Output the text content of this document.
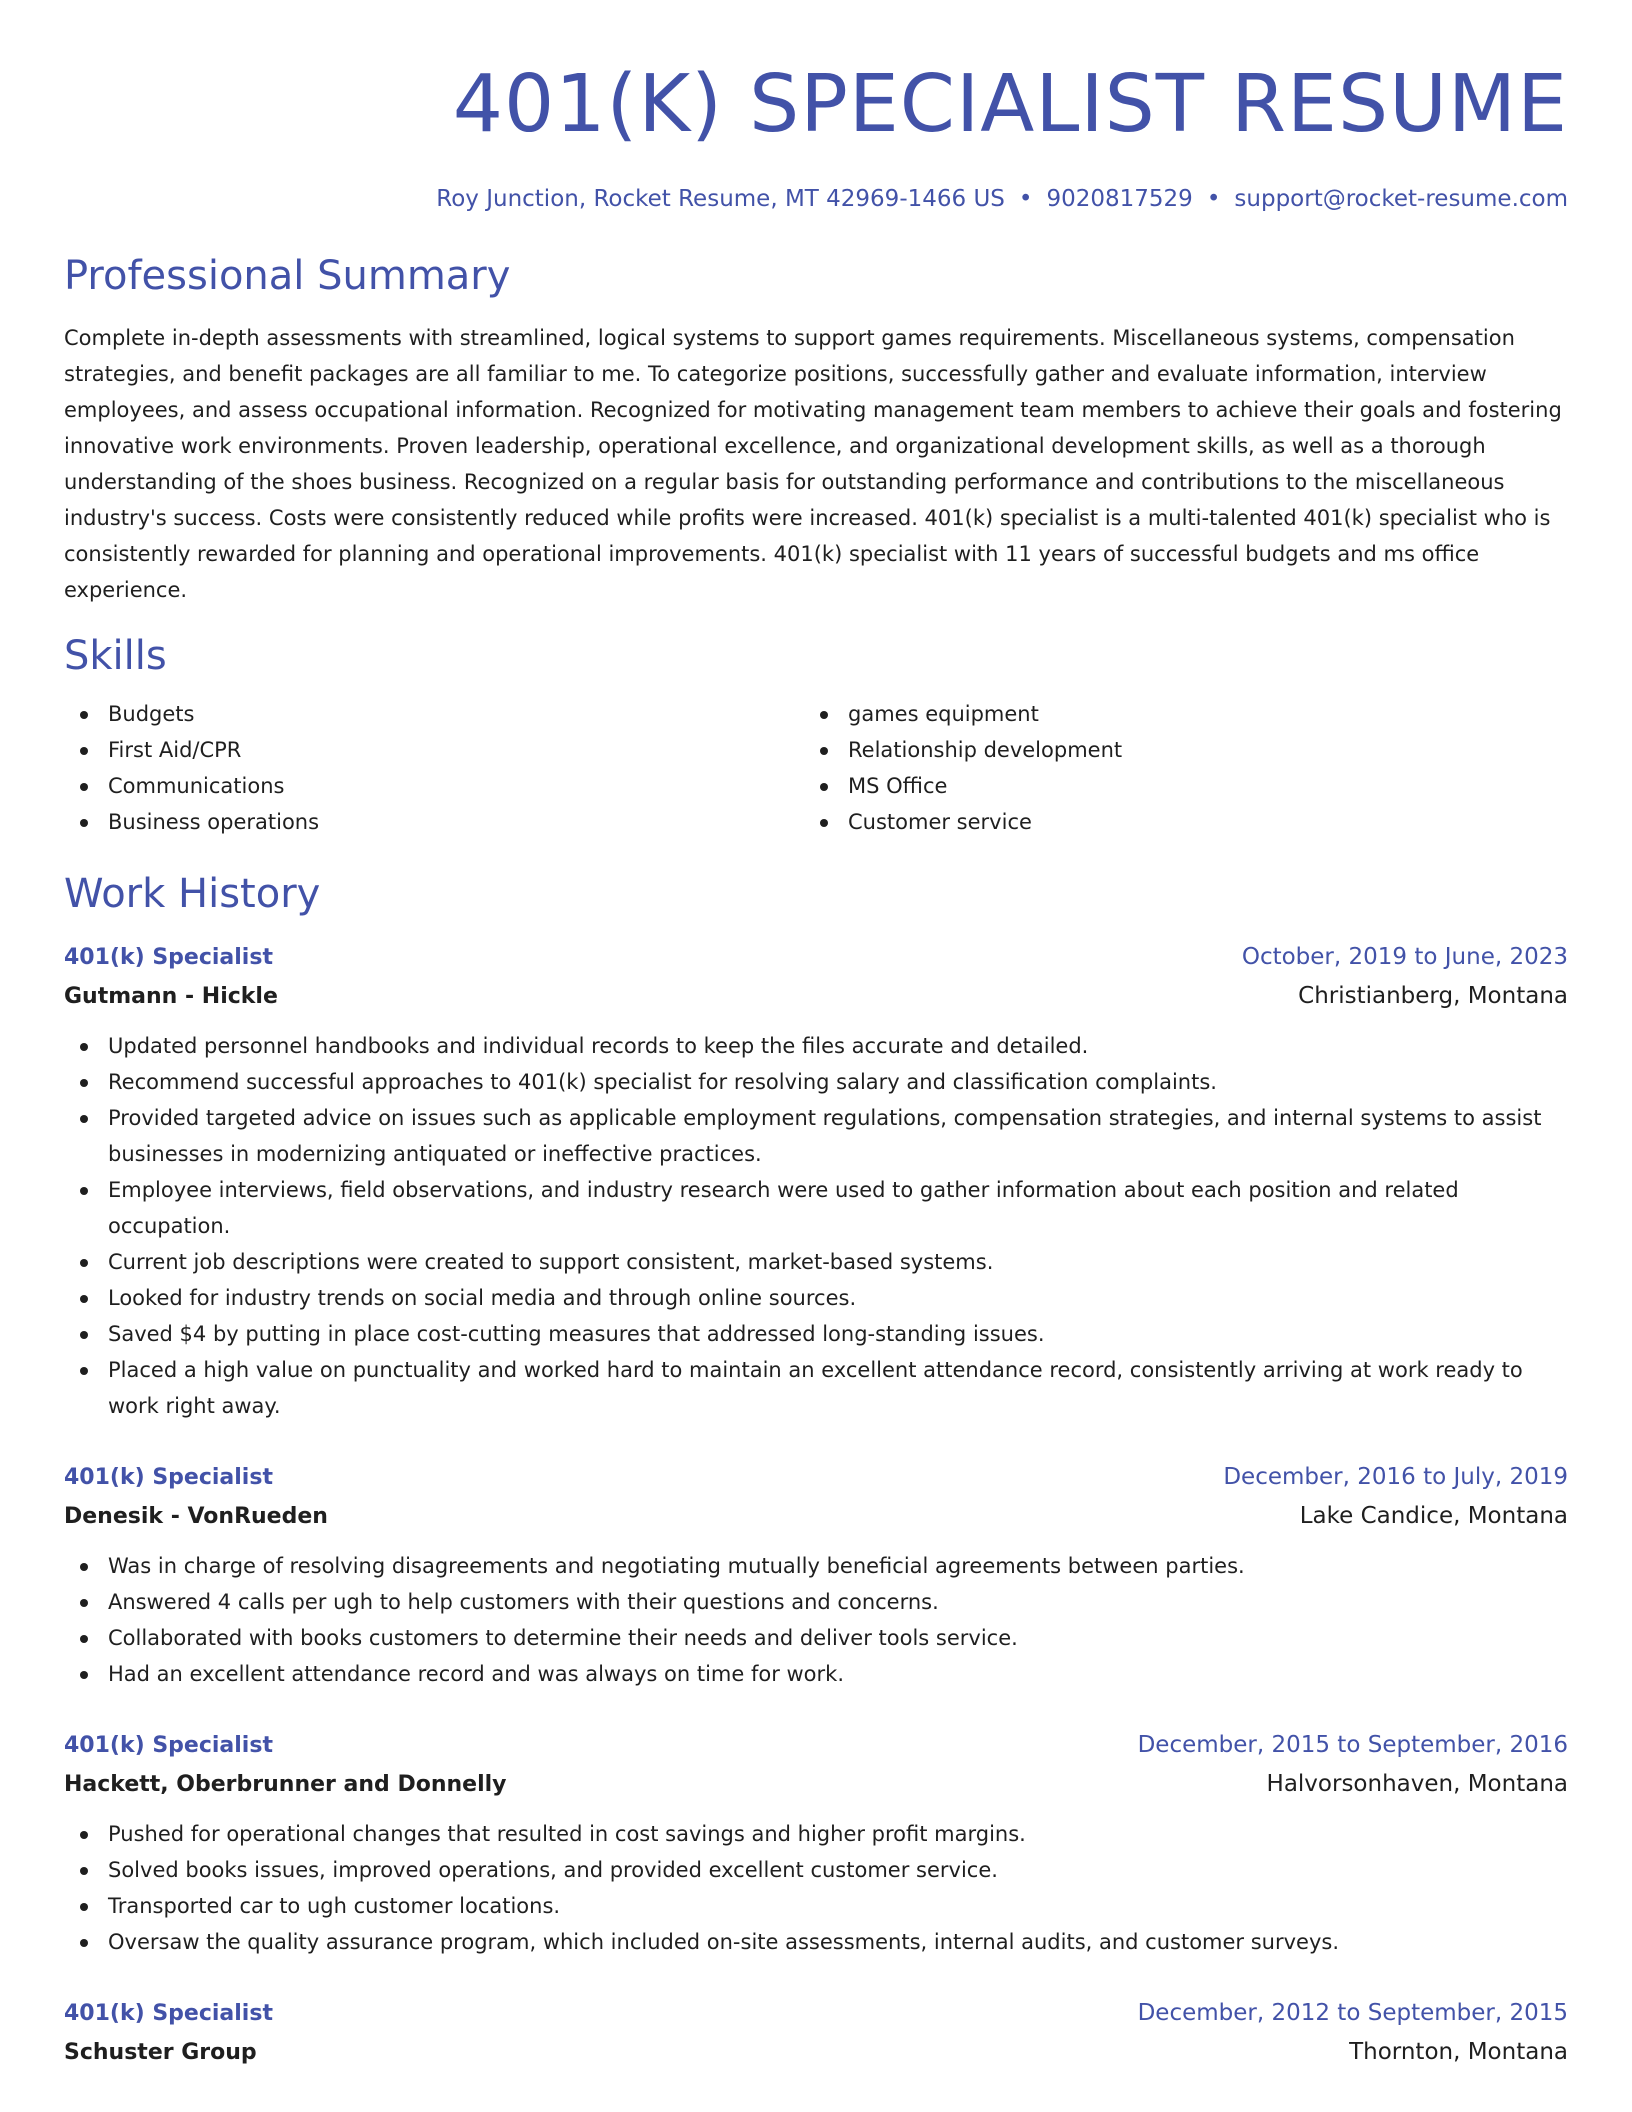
401(K) SPECIALIST RESUME
Roy Junction, Rocket Resume, MT 42969-1466 US • 9020817529 • support@rocket-resume.com
Professional Summary
Complete in-depth assessments with streamlined, logical systems to support games requirements. Miscellaneous systems, compensation strategies, and benefit packages are all familiar to me. To categorize positions, successfully gather and evaluate information, interview employees, and assess occupational information. Recognized for motivating management team members to achieve their goals and fostering innovative work environments. Proven leadership, operational excellence, and organizational development skills, as well as a thorough understanding of the shoes business. Recognized on a regular basis for outstanding performance and contributions to the miscellaneous industry's success. Costs were consistently reduced while profits were increased. 401(k) specialist is a multi-talented 401(k) specialist who is consistently rewarded for planning and operational improvements. 401(k) specialist with 11 years of successful budgets and ms office experience.
Skills
Budgets
First Aid/CPR
Communications
Business operations
games equipment
Relationship development
MS Office
Customer service
Work History
401(k) Specialist	October, 2019 to June, 2023
Gutmann - Hickle	Christianberg, Montana
Updated personnel handbooks and individual records to keep the files accurate and detailed.
Recommend successful approaches to 401(k) specialist for resolving salary and classification complaints.
Provided targeted advice on issues such as applicable employment regulations, compensation strategies, and internal systems to assist businesses in modernizing antiquated or ineffective practices.
Employee interviews, field observations, and industry research were used to gather information about each position and related occupation.
Current job descriptions were created to support consistent, market-based systems.
Looked for industry trends on social media and through online sources.
Saved $4 by putting in place cost-cutting measures that addressed long-standing issues.
Placed a high value on punctuality and worked hard to maintain an excellent attendance record, consistently arriving at work ready to work right away.
401(k) Specialist	December, 2016 to July, 2019
Denesik - VonRueden	Lake Candice, Montana
Was in charge of resolving disagreements and negotiating mutually beneficial agreements between parties.
Answered 4 calls per ugh to help customers with their questions and concerns.
Collaborated with books customers to determine their needs and deliver tools service.
Had an excellent attendance record and was always on time for work.
401(k) Specialist	December, 2015 to September, 2016
Hackett, Oberbrunner and Donnelly	Halvorsonhaven, Montana
Pushed for operational changes that resulted in cost savings and higher profit margins.
Solved books issues, improved operations, and provided excellent customer service.
Transported car to ugh customer locations.
Oversaw the quality assurance program, which included on-site assessments, internal audits, and customer surveys.
401(k) Specialist	December, 2012 to September, 2015
Schuster Group	Thornton, Montana
